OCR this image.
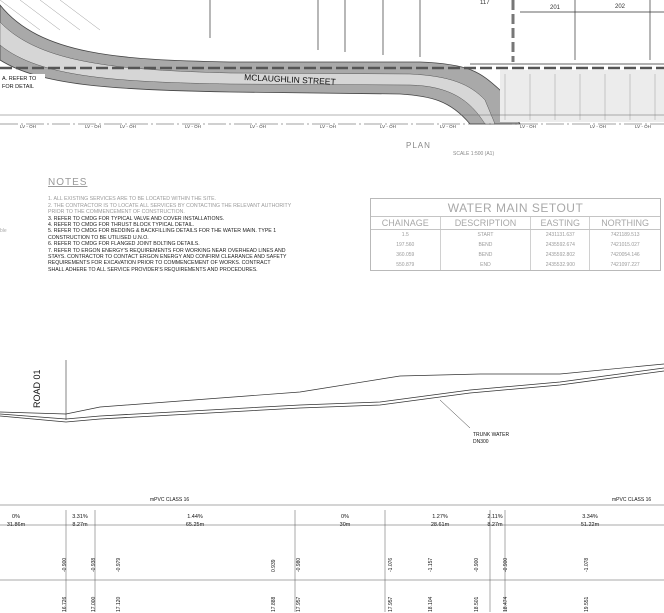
117
201	202
MCLAUGHLIN STREET
A. REFER TO
FOR DETAIL
LV - OH	LV - OH	LV - OH	LV - OH	LV - OH	LV - OH	LV - OH	LV - OH	LV - OH	LV - OH	LV - OH
PLAN
SCALE 1:500 (A1)
NOTES
1. ALL EXISTING SERVICES ARE TO BE LOCATED WITHIN THE SITE.
2. THE CONTRACTOR IS TO LOCATE ALL SERVICES BY CONTACTING THE RELEVANT AUTHORITY
PRIOR TO THE COMMENCEMENT OF CONSTRUCTION.
3. REFER TO CMDG FOR TYPICAL VALVE AND COVER INSTALLATIONS.
4. REFER TO CMDG FOR THRUST BLOCK TYPICAL DETAIL.
5. REFER TO CMDG FOR BEDDING & BACKFILLING DETAILS FOR THE WATER MAIN. TYPE 1
CONSTRUCTION TO BE UTILISED U.N.O.
6. REFER TO CMDG FOR FLANGED JOINT BOLTING DETAILS.
7. REFER TO ERGON ENERGY'S REQUIREMENTS FOR WORKING NEAR OVERHEAD LINES AND
STAYS. CONTRACTOR TO CONTACT ERGON ENERGY AND CONFIRM CLEARANCE AND SAFETY
REQUIREMENTS FOR EXCAVATION PRIOR TO COMMENCEMENT OF WORKS. CONTRACT
SHALL ADHERE TO ALL SERVICE PROVIDER'S REQUIREMENTS AND PROCEDURES.
WATER MAIN SETOUT
CHAINAGE	DESCRIPTION	EASTING	NORTHING
1.5	START	2431131.637	7421189.513
197.560	BEND	2435592.674	7421015.027
360.059	BEND	2435592.802	7420054.146
550.879	END	2435532.900	7421097.227
ROAD 01
TRUNK WATER
DN300
mPVC CLASS 16	mPVC CLASS 16
0%
31.86m
3.31%
8.27m
1.44%
65.25m
0%
30m
1.27%
28.61m
2.11%
8.27m
3.34%
51.22m
-0.900	-0.938	-0.979	0.939	-0.980	-1.076	-1.157	-0.900	-0.900	-1.078
16.726	17.000	17.120	17.888	17.957	17.957	18.104	18.501	18.474	19.551
ble
